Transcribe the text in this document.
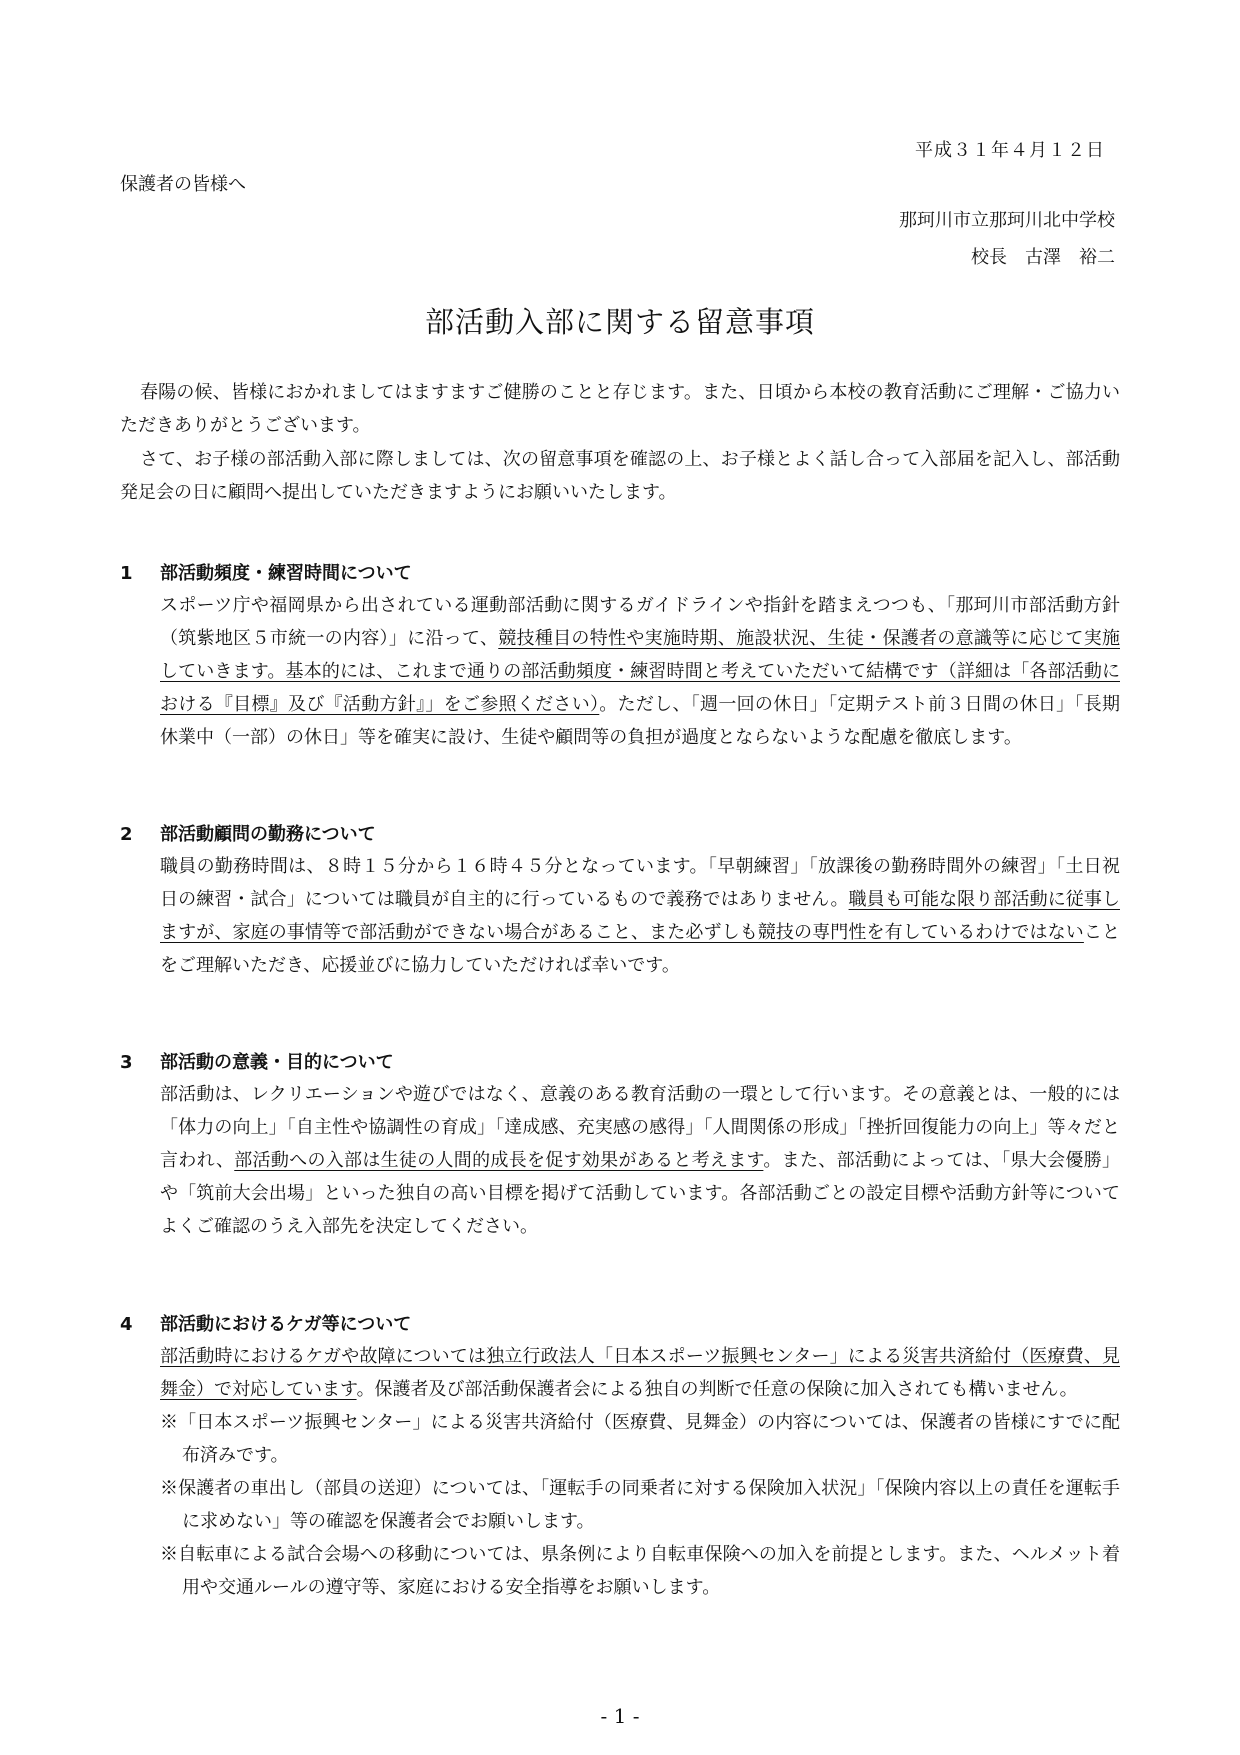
平成３１年４月１２日
保護者の皆様へ
那珂川市立那珂川北中学校
校長　古澤　裕二
部活動入部に関する留意事項

春陽の候、皆様におかれましてはますますご健勝のことと存じます。また、日頃から本校の教育活動にご理解・ご協力いただきありがとうございます。

さて、お子様の部活動入部に際しましては、次の留意事項を確認の上、お子様とよく話し合って入部届を記入し、部活動発足会の日に顧問へ提出していただきますようにお願いいたします。

1 部活動頻度・練習時間について

スポーツ庁や福岡県から出されている運動部活動に関するガイドラインや指針を踏まえつつも、「那珂川市部活動方針（筑紫地区５市統一の内容）」に沿って、競技種目の特性や実施時期、施設状況、生徒・保護者の意識等に応じて実施していきます。基本的には、これまで通りの部活動頻度・練習時間と考えていただいて結構です（詳細は「各部活動における『目標』及び『活動方針』」をご参照ください）。ただし、「週一回の休日」「定期テスト前３日間の休日」「長期休業中（一部）の休日」等を確実に設け、生徒や顧問等の負担が過度とならないような配慮を徹底します。

2 部活動顧問の勤務について

職員の勤務時間は、８時１５分から１６時４５分となっています。「早朝練習」「放課後の勤務時間外の練習」「土日祝日の練習・試合」については職員が自主的に行っているもので義務ではありません。職員も可能な限り部活動に従事しますが、家庭の事情等で部活動ができない場合があること、また必ずしも競技の専門性を有しているわけではないことをご理解いただき、応援並びに協力していただければ幸いです。

3 部活動の意義・目的について

部活動は、レクリエーションや遊びではなく、意義のある教育活動の一環として行います。その意義とは、一般的には「体力の向上」「自主性や協調性の育成」「達成感、充実感の感得」「人間関係の形成」「挫折回復能力の向上」等々だと言われ、部活動への入部は生徒の人間的成長を促す効果があると考えます。また、部活動によっては、「県大会優勝」や「筑前大会出場」といった独自の高い目標を掲げて活動しています。各部活動ごとの設定目標や活動方針等についてよくご確認のうえ入部先を決定してください。

4 部活動におけるケガ等について

部活動時におけるケガや故障については独立行政法人「日本スポーツ振興センター」による災害共済給付（医療費、見舞金）で対応しています。保護者及び部活動保護者会による独自の判断で任意の保険に加入されても構いません。

※「日本スポーツ振興センター」による災害共済給付（医療費、見舞金）の内容については、保護者の皆様にすでに配布済みです。

※保護者の車出し（部員の送迎）については、「運転手の同乗者に対する保険加入状況」「保険内容以上の責任を運転手に求めない」等の確認を保護者会でお願いします。

※自転車による試合会場への移動については、県条例により自転車保険への加入を前提とします。また、ヘルメット着用や交通ルールの遵守等、家庭における安全指導をお願いします。

- 1 -
